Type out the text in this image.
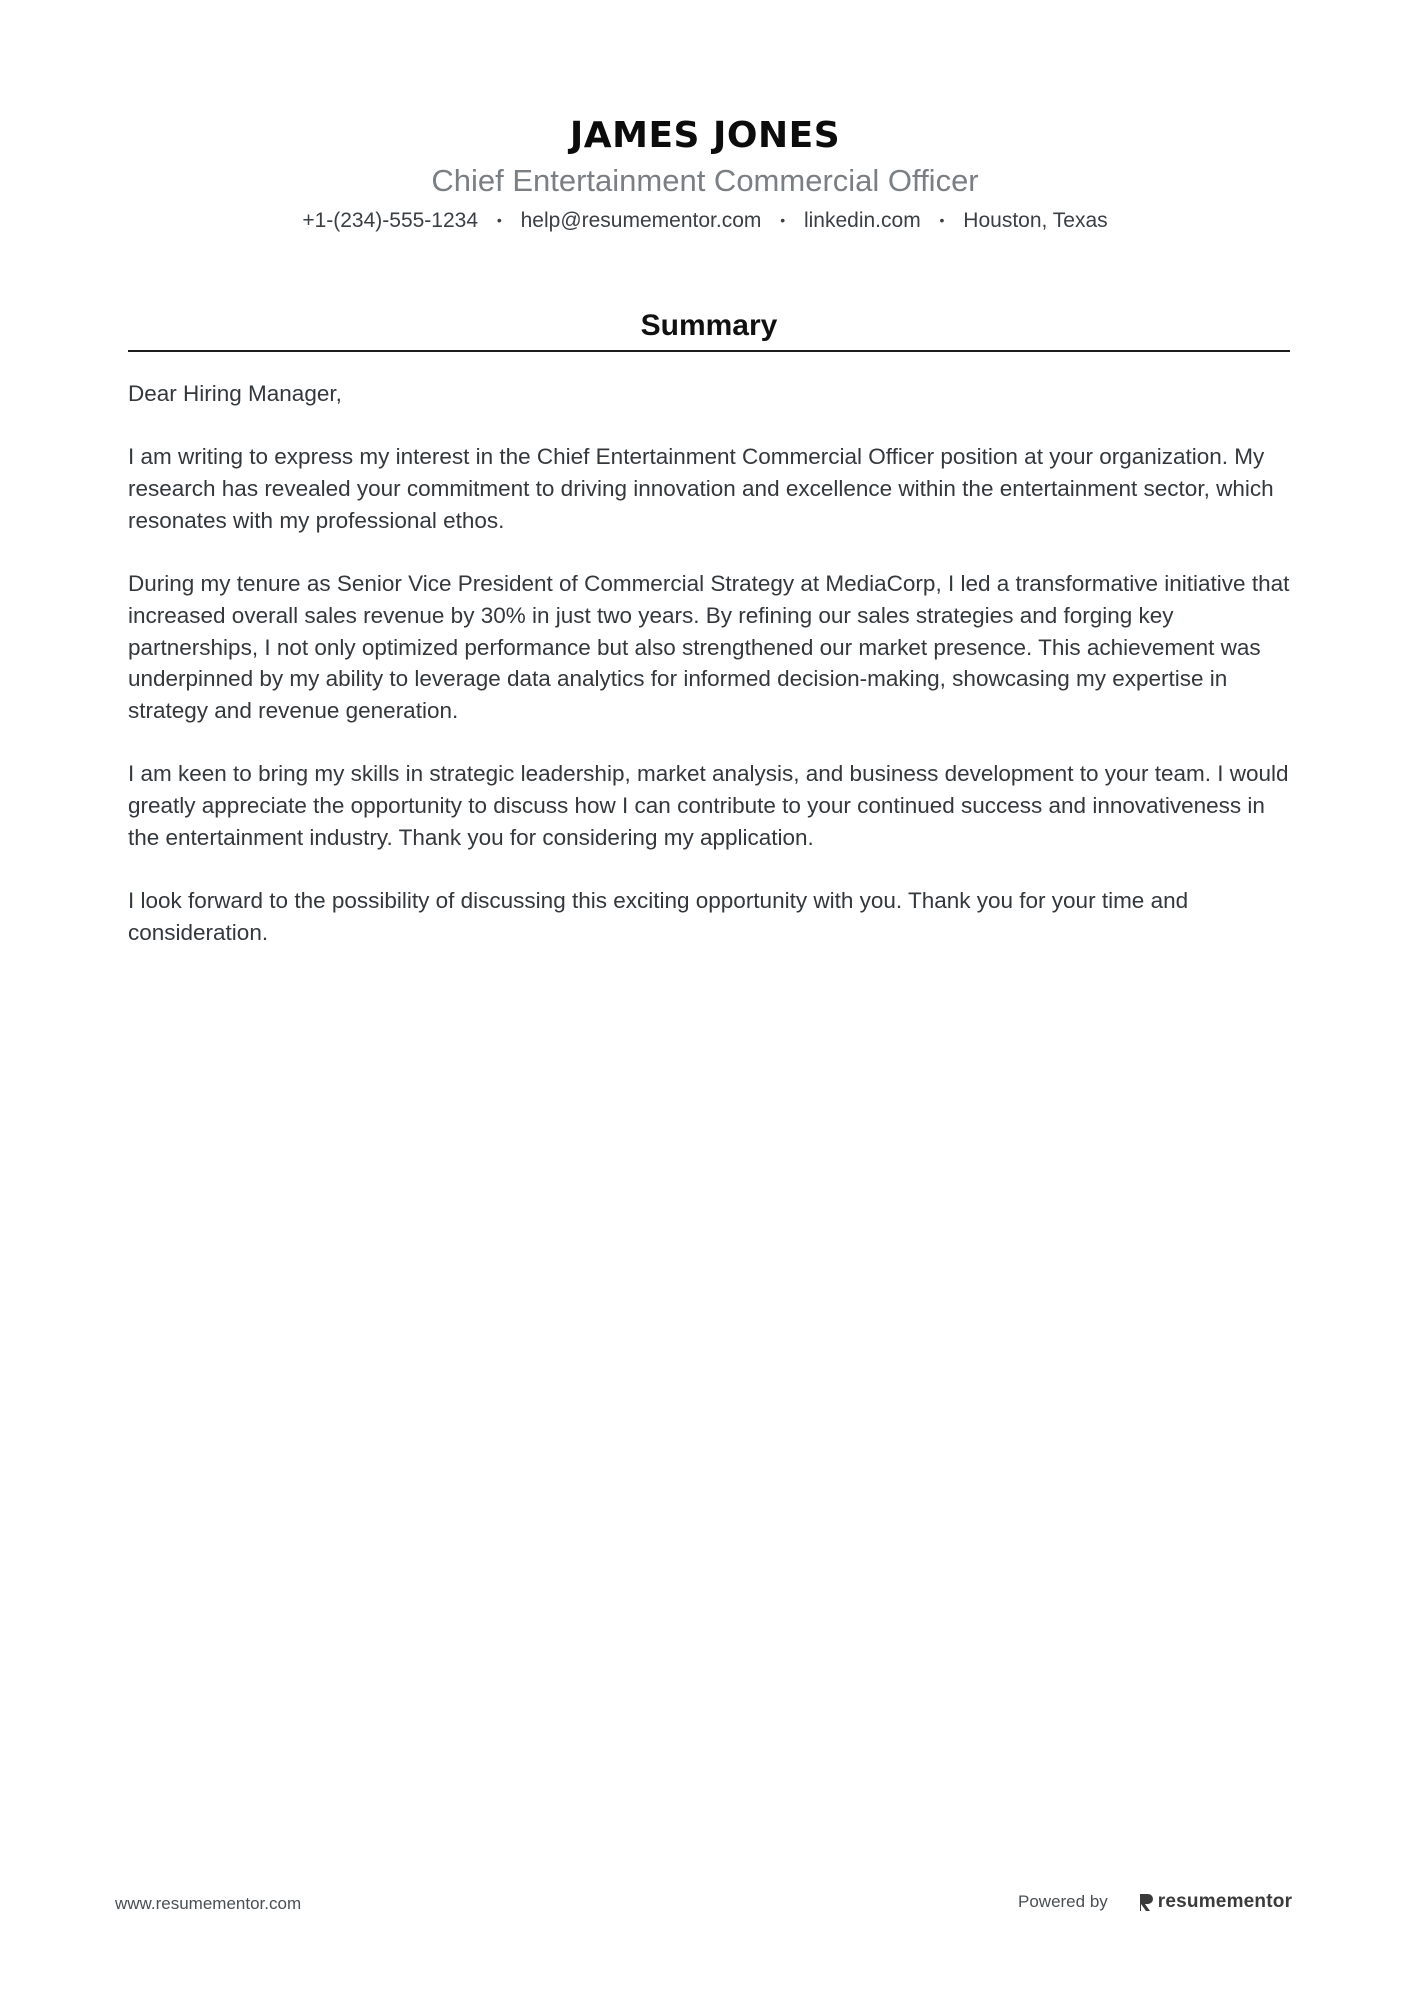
JAMES JONES
Chief Entertainment Commercial Officer
+1-(234)-555-1234 • help@resumementor.com • linkedin.com • Houston, Texas
Summary

Dear Hiring Manager,

I am writing to express my interest in the Chief Entertainment Commercial Officer position at your organization. My research has revealed your commitment to driving innovation and excellence within the entertainment sector, which resonates with my professional ethos.

During my tenure as Senior Vice President of Commercial Strategy at MediaCorp, I led a transformative initiative that increased overall sales revenue by 30% in just two years. By refining our sales strategies and forging key partnerships, I not only optimized performance but also strengthened our market presence. This achievement was underpinned by my ability to leverage data analytics for informed decision-making, showcasing my expertise in strategy and revenue generation.

I am keen to bring my skills in strategic leadership, market analysis, and business development to your team. I would greatly appreciate the opportunity to discuss how I can contribute to your continued success and innovativeness in the entertainment industry. Thank you for considering my application.

I look forward to the possibility of discussing this exciting opportunity with you. Thank you for your time and consideration.

www.resumementor.com	Powered by	resumementor
